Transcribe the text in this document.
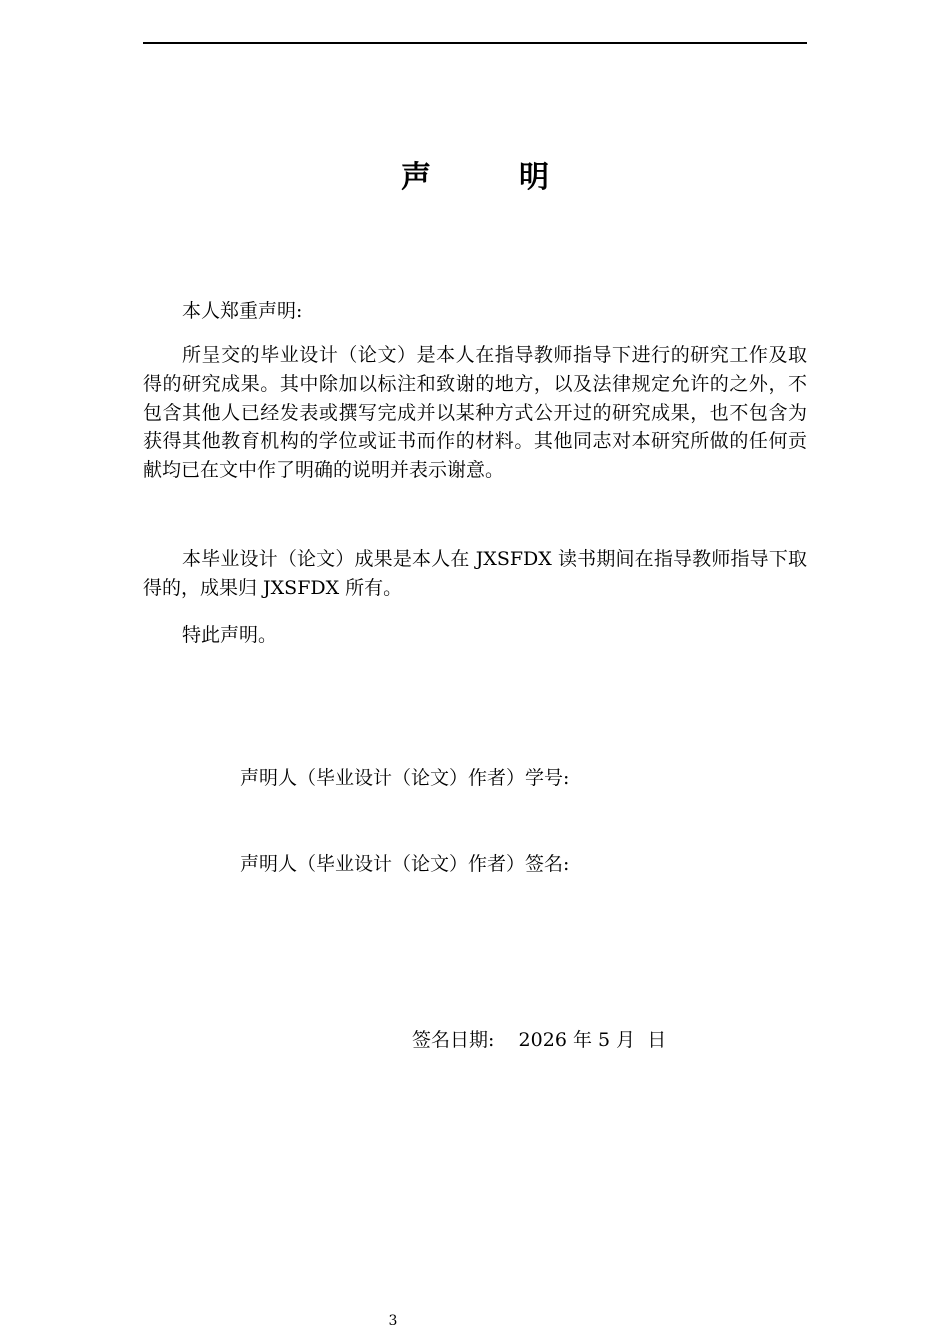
声	明
本人郑重声明:
所呈交的毕业设计（论文）是本人在指导教师指导下进行的研究工作及取得的研究成果。其中除加以标注和致谢的地方，以及法律规定允许的之外，不包含其他人已经发表或撰写完成并以某种方式公开过的研究成果，也不包含为获得其他教育机构的学位或证书而作的材料。其他同志对本研究所做的任何贡献均已在文中作了明确的说明并表示谢意。
本毕业设计（论文）成果是本人在 JXSFDX 读书期间在指导教师指导下取得的，成果归 JXSFDX 所有。
特此声明。
声明人（毕业设计（论文）作者）学号:
声明人（毕业设计（论文）作者）签名:
签名日期:    2026 年 5 月  日
3
